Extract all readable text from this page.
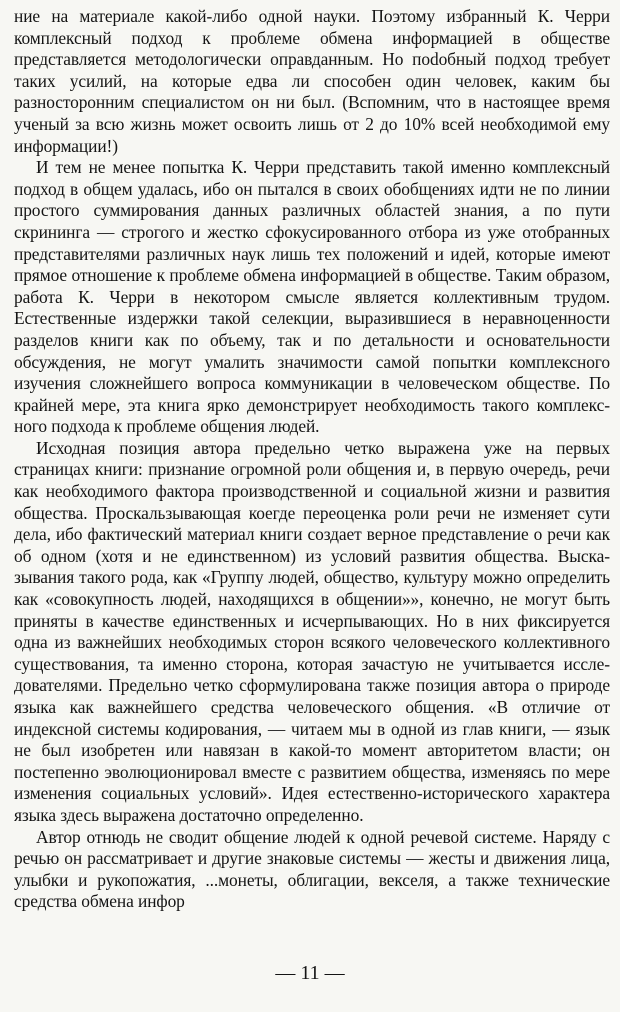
ние на материале какой-либо одной науки. Поэтому избранный К. Черри комплексный подход к проблеме обмена информацией в обществе представляется методологически оправданным. Но поdобный подход требует таких усилий, на которые едва ли способен один человек, каким бы разносторонним специалистом он ни был. (Вспомним, что в настоящее время ученый за всю жизнь может освоить лишь от 2 до 10% всей необходимой ему информации!)

И тем не менее попытка К. Черри представить такой именно комплексный подход в общем удалась, ибо он пытался в своих обобщениях идти не по линии простого суммирования данных различных областей знания, а по пути скрининга — строгого и жестко сфокусированного отбора из уже отобранных представителями различных наук лишь тех положений и идей, которые имеют прямое отношение к проблеме обмена информацией в обществе. Таким образом, работа К. Черри в некотором смысле является коллективным трудом. Естественные издержки такой селекции, выразившиеся в неравноценности разделов книги как по объему, так и по детальности и основательности обсуждения, не могут умалить значимости самой попытки комплексного изучения сложнейшего вопроса коммуникации в человеческом обществе. По крайней мере, эта книга ярко демонстрирует необходимость такого комплексного подхода к проблеме общения людей.

Исходная позиция автора предельно четко выражена уже на первых страницах книги: признание огромной роли общения и, в первую очередь, речи как необходимого фактора производственной и социальной жизни и развития общества. Проскальзывающая коегде переоценка роли речи не изменяет сути дела, ибо фактический материал книги создает верное представление о речи как об одном (хотя и не единственном) из условий развития общества. Высказывания такого рода, как «Группу людей, общество, культуру можно определить как «совокупность людей, находящихся в общении»», конечно, не могут быть приняты в качестве единственных и исчерпывающих. Но в них фиксируется одна из важнейших необходимых сторон всякого человеческого коллективного существования, та именно сторона, которая зачастую не учитывается исследователями. Предельно четко сформулирована также позиция автора о природе языка как важнейшего средства человеческого общения. «В отличие от индексной системы кодирования, — читаем мы в одной из глав книги, — язык не был изобретен или навязан в какой-то момент авторитетом власти; он постепенно эволюционировал вместе с развитием общества, изменяясь по мере изменения социальных условий». Идея естественно-исторического характера языка здесь выражена достаточно определенно.

Автор отнюдь не сводит общение людей к одной речевой системе. Наряду с речью он рассматривает и другие знаковые системы — жесты и движения лица, улыбки и рукопожатия, ...монеты, облигации, векселя, а также технические средства обмена инфор

— 11 —
